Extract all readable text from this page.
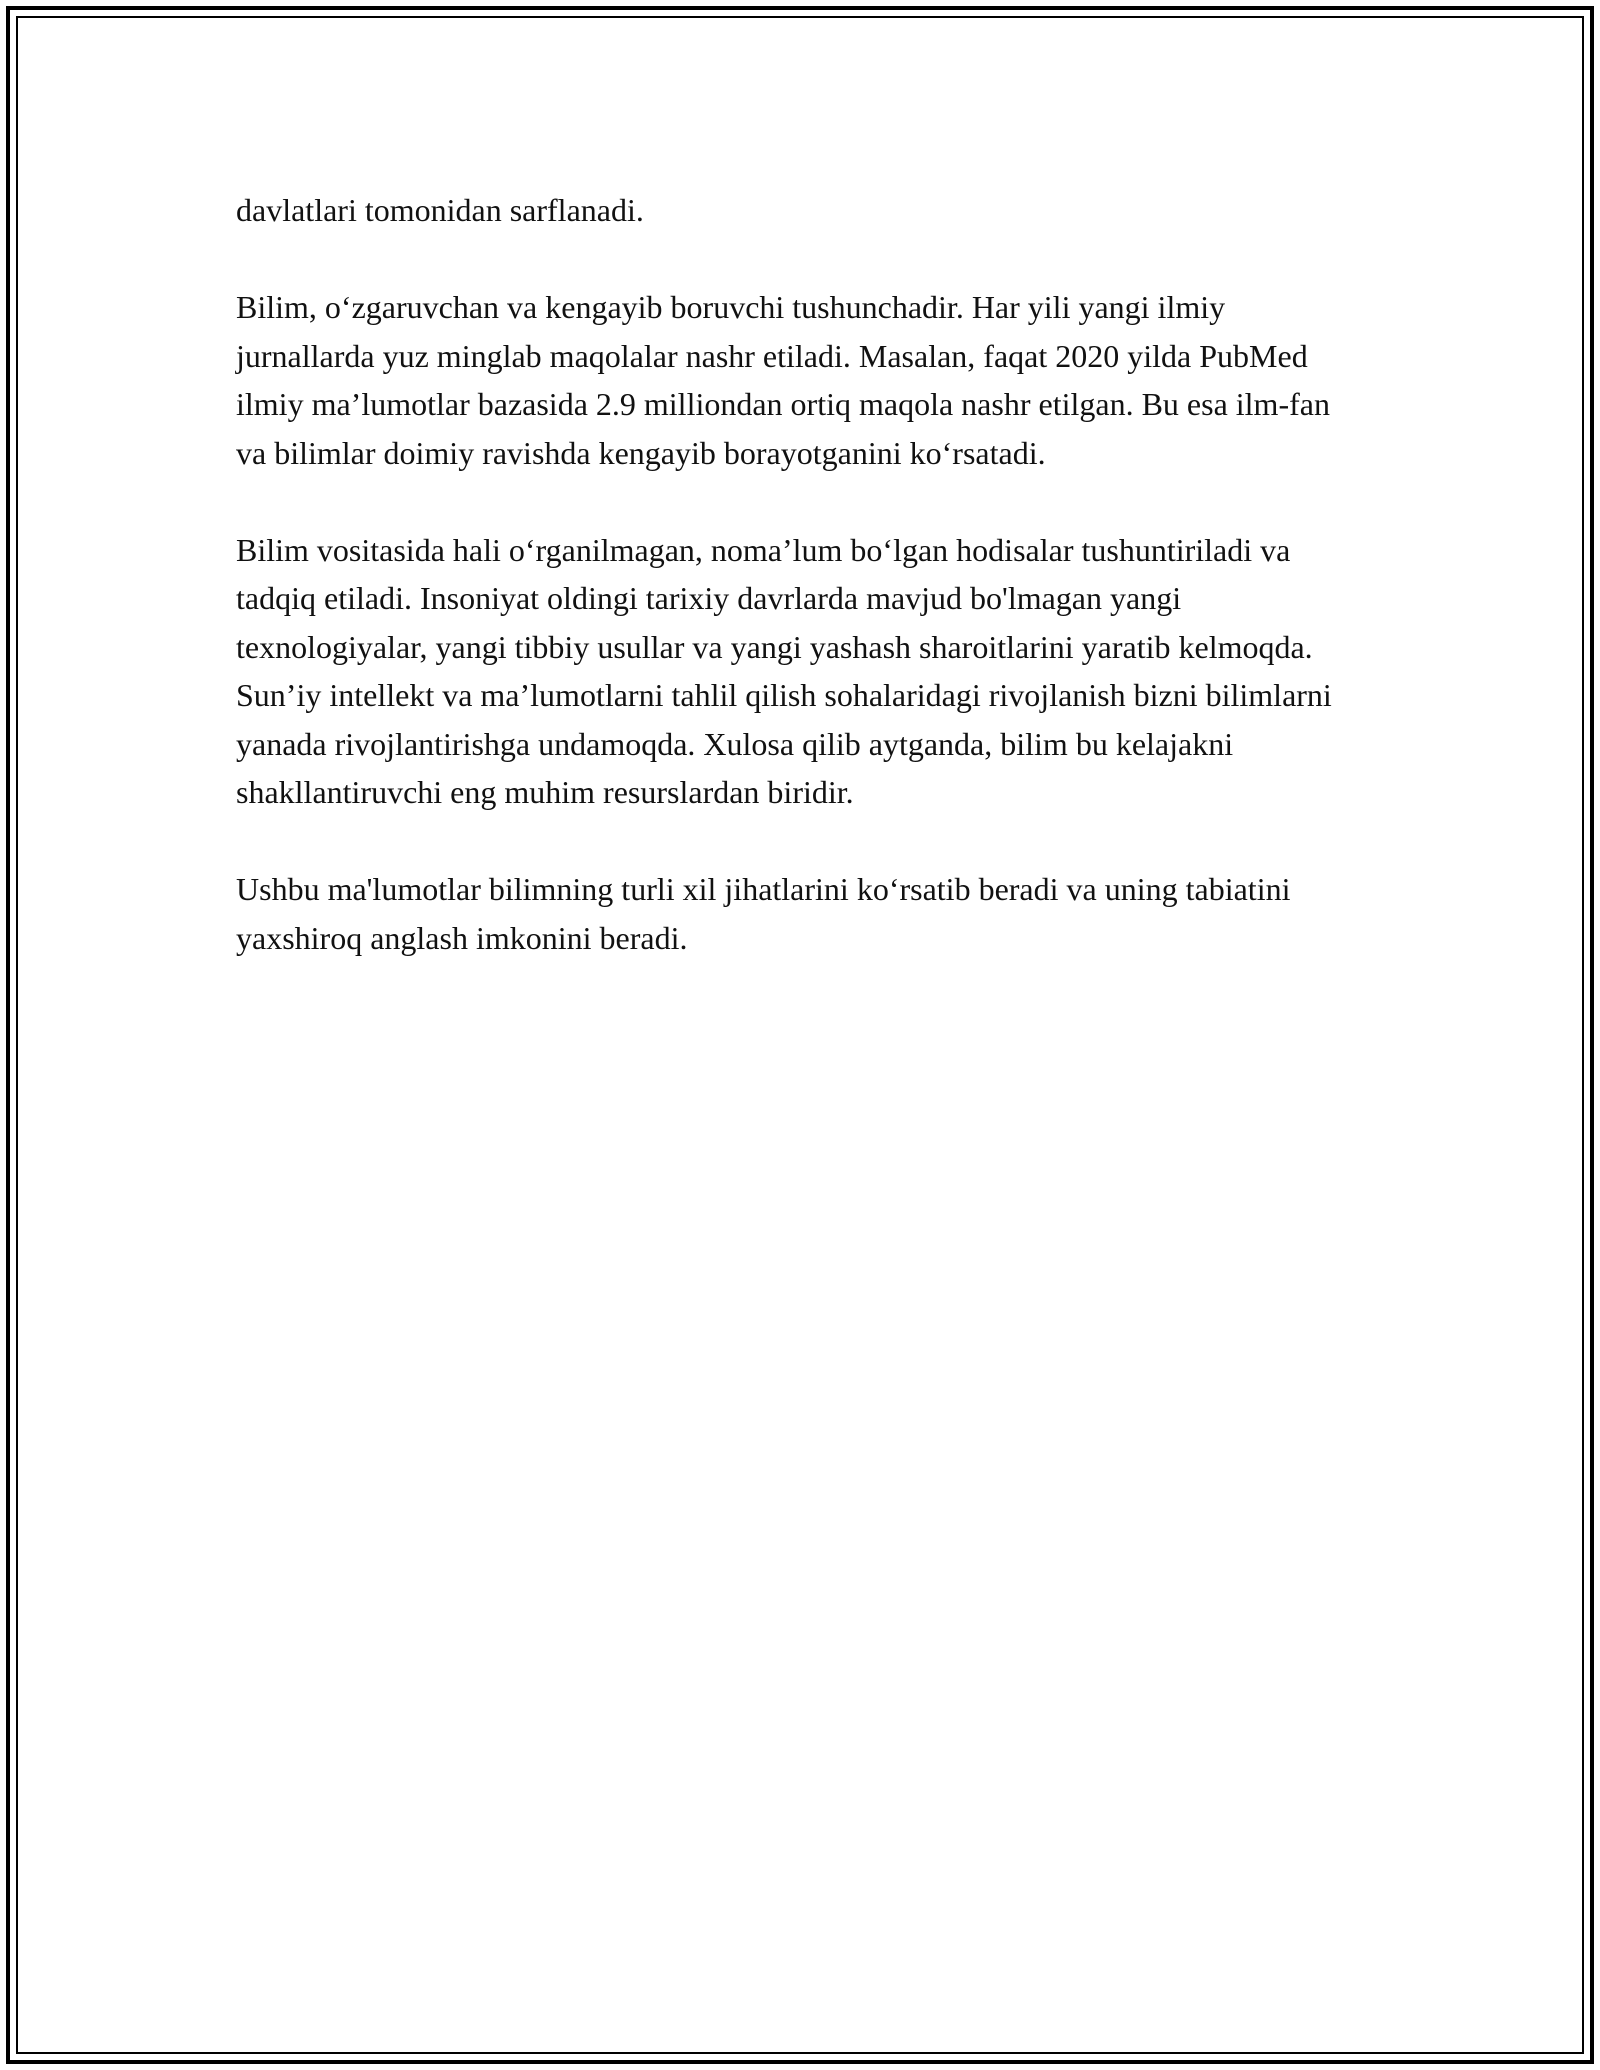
davlatlari tomonidan sarflanadi.

Bilim, o‘zgaruvchan va kengayib boruvchi tushunchadir. Har yili yangi ilmiy jurnallarda yuz minglab maqolalar nashr etiladi. Masalan, faqat 2020 yilda PubMed ilmiy ma’lumotlar bazasida 2.9 milliondan ortiq maqola nashr etilgan. Bu esa ilm-fan va bilimlar doimiy ravishda kengayib borayotganini ko‘rsatadi.

Bilim vositasida hali o‘rganilmagan, noma’lum bo‘lgan hodisalar tushuntiriladi va tadqiq etiladi. Insoniyat oldingi tarixiy davrlarda mavjud bo'lmagan yangi texnologiyalar, yangi tibbiy usullar va yangi yashash sharoitlarini yaratib kelmoqda. Sun’iy intellekt va ma’lumotlarni tahlil qilish sohalaridagi rivojlanish bizni bilimlarni yanada rivojlantirishga undamoqda. Xulosa qilib aytganda, bilim bu kelajakni shakllantiruvchi eng muhim resurslardan biridir.

Ushbu ma'lumotlar bilimning turli xil jihatlarini ko‘rsatib beradi va uning tabiatini yaxshiroq anglash imkonini beradi.
